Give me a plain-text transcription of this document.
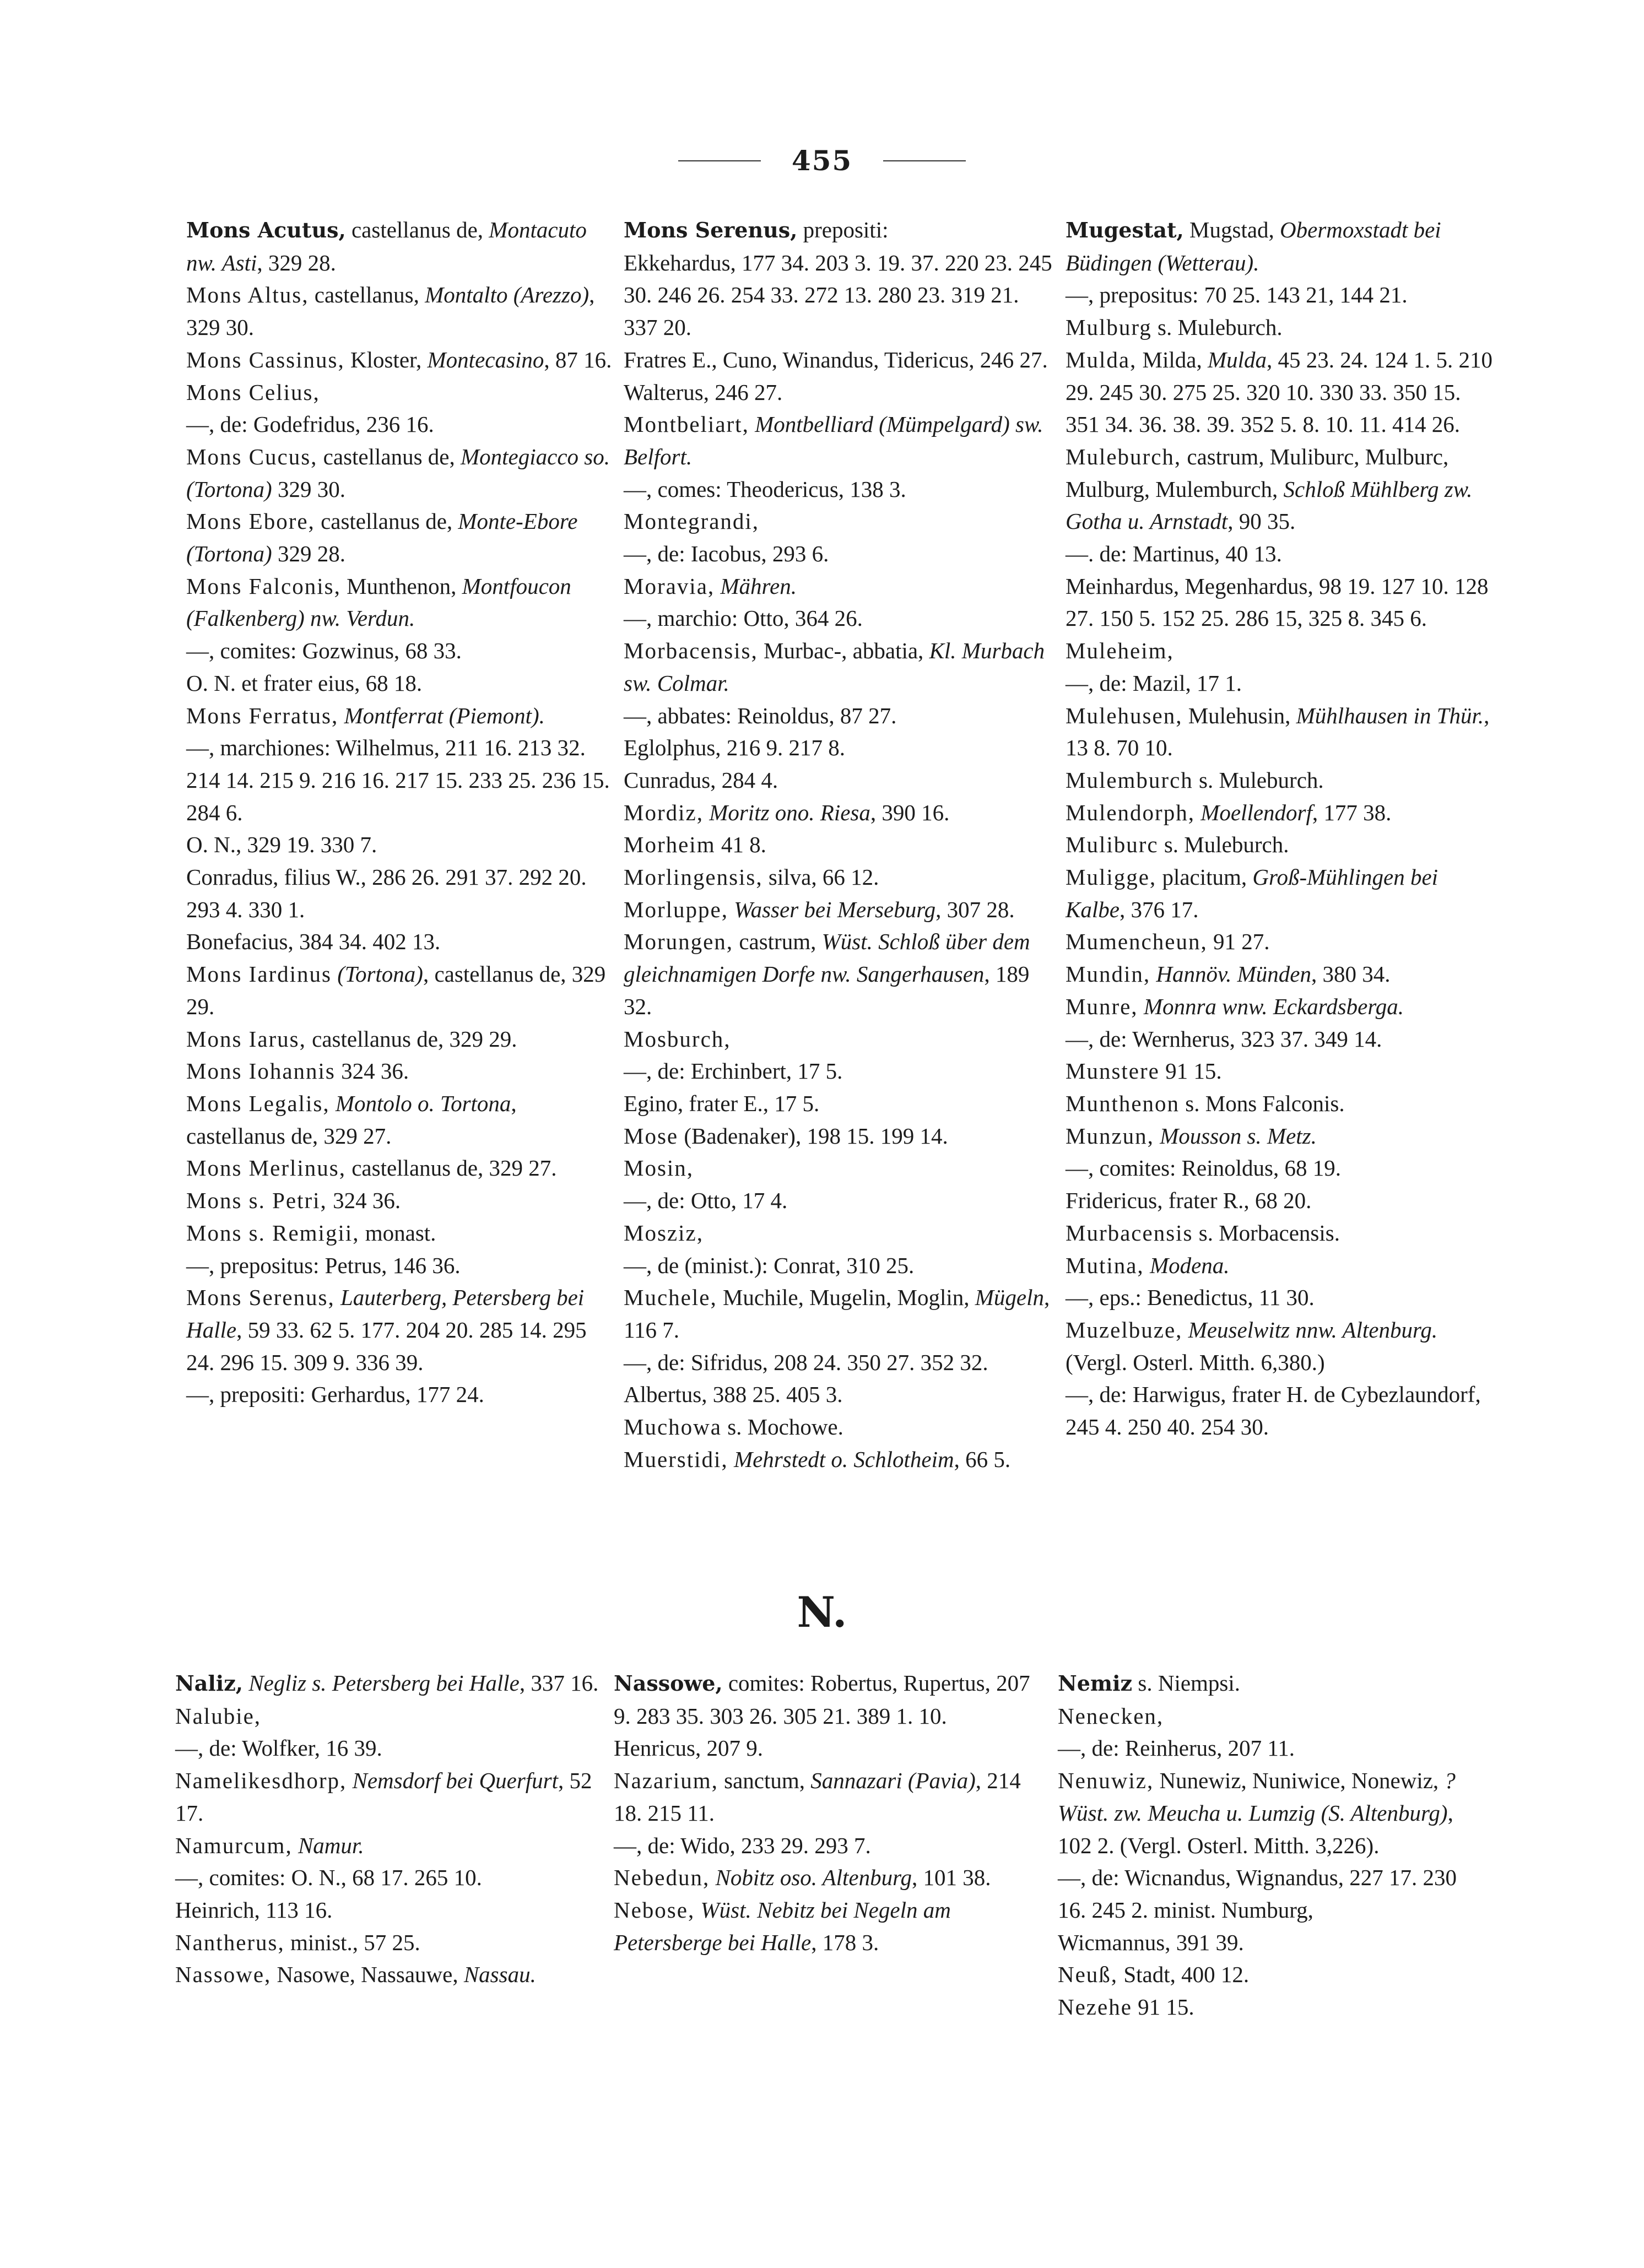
455

Mons Acutus, castellanus de, Montacuto nw. Asti, 329 28.

Mons Altus, castellanus, Montalto (Arezzo), 329 30.

Mons Cassinus, Kloster, Montecasino, 87 16.

Mons Celius,

—, de: Godefridus, 236 16.

Mons Cucus, castellanus de, Montegiacco so. (Tortona) 329 30.

Mons Ebore, castellanus de, Monte-Ebore (Tortona) 329 28.

Mons Falconis, Munthenon, Montfoucon (Falkenberg) nw. Verdun.

—, comites: Gozwinus, 68 33.

O. N. et frater eius, 68 18.

Mons Ferratus, Montferrat (Piemont).

—, marchiones: Wilhelmus, 211 16. 213 32. 214 14. 215 9. 216 16. 217 15. 233 25. 236 15. 284 6.

O. N., 329 19. 330 7.

Conradus, filius W., 286 26. 291 37. 292 20. 293 4. 330 1.

Bonefacius, 384 34. 402 13.

Mons Iardinus (Tortona), castellanus de, 329 29.

Mons Iarus, castellanus de, 329 29.

Mons Iohannis 324 36.

Mons Legalis, Montolo o. Tortona, castellanus de, 329 27.

Mons Merlinus, castellanus de, 329 27.

Mons s. Petri, 324 36.

Mons s. Remigii, monast.

—, prepositus: Petrus, 146 36.

Mons Serenus, Lauterberg, Petersberg bei Halle, 59 33. 62 5. 177. 204 20. 285 14. 295 24. 296 15. 309 9. 336 39.

—, prepositi: Gerhardus, 177 24.

Mons Serenus, prepositi:

Ekkehardus, 177 34. 203 3. 19. 37. 220 23. 245 30. 246 26. 254 33. 272 13. 280 23. 319 21. 337 20.

Fratres E., Cuno, Winandus, Tidericus, 246 27.

Walterus, 246 27.

Montbeliart, Montbelliard (Mümpelgard) sw. Belfort.

—, comes: Theodericus, 138 3.

Montegrandi,

—, de: Iacobus, 293 6.

Moravia, Mähren.

—, marchio: Otto, 364 26.

Morbacensis, Murbac-, abbatia, Kl. Murbach sw. Colmar.

—, abbates: Reinoldus, 87 27.

Eglolphus, 216 9. 217 8.

Cunradus, 284 4.

Mordiz, Moritz ono. Riesa, 390 16.

Morheim 41 8.

Morlingensis, silva, 66 12.

Morluppe, Wasser bei Merseburg, 307 28.

Morungen, castrum, Wüst. Schloß über dem gleichnamigen Dorfe nw. Sangerhausen, 189 32.

Mosburch,

—, de: Erchinbert, 17 5.

Egino, frater E., 17 5.

Mose (Badenaker), 198 15. 199 14.

Mosin,

—, de: Otto, 17 4.

Mosziz,

—, de (minist.): Conrat, 310 25.

Muchele, Muchile, Mugelin, Moglin, Mügeln, 116 7.

—, de: Sifridus, 208 24. 350 27. 352 32.

Albertus, 388 25. 405 3.

Muchowa s. Mochowe.

Muerstidi, Mehrstedt o. Schlotheim, 66 5.

Mugestat, Mugstad, Obermoxstadt bei Büdingen (Wetterau).

—, prepositus: 70 25. 143 21, 144 21.

Mulburg s. Muleburch.

Mulda, Milda, Mulda, 45 23. 24. 124 1. 5. 210 29. 245 30. 275 25. 320 10. 330 33. 350 15. 351 34. 36. 38. 39. 352 5. 8. 10. 11. 414 26.

Muleburch, castrum, Muliburc, Mulburc, Mulburg, Mulemburch, Schloß Mühlberg zw. Gotha u. Arnstadt, 90 35.

—. de: Martinus, 40 13.

Meinhardus, Megenhardus, 98 19. 127 10. 128 27. 150 5. 152 25. 286 15, 325 8. 345 6.

Muleheim,

—, de: Mazil, 17 1.

Mulehusen, Mulehusin, Mühlhausen in Thür., 13 8. 70 10.

Mulemburch s. Muleburch.

Mulendorph, Moellendorf, 177 38.

Muliburc s. Muleburch.

Muligge, placitum, Groß-Mühlingen bei Kalbe, 376 17.

Mumencheun, 91 27.

Mundin, Hannöv. Münden, 380 34.

Munre, Monnra wnw. Eckardsberga.

—, de: Wernherus, 323 37. 349 14.

Munstere 91 15.

Munthenon s. Mons Falconis.

Munzun, Mousson s. Metz.

—, comites: Reinoldus, 68 19.

Fridericus, frater R., 68 20.

Murbacensis s. Morbacensis.

Mutina, Modena.

—, eps.: Benedictus, 11 30.

Muzelbuze, Meuselwitz nnw. Altenburg. (Vergl. Osterl. Mitth. 6,380.)

—, de: Harwigus, frater H. de Cybezlaundorf, 245 4. 250 40. 254 30.

N.

Naliz, Negliz s. Petersberg bei Halle, 337 16.

Nalubie,

—, de: Wolfker, 16 39.

Namelikesdhorp, Nemsdorf bei Querfurt, 52 17.

Namurcum, Namur.

—, comites: O. N., 68 17. 265 10.

Heinrich, 113 16.

Nantherus, minist., 57 25.

Nassowe, Nasowe, Nassauwe, Nassau.

Nassowe, comites: Robertus, Rupertus, 207 9. 283 35. 303 26. 305 21. 389 1. 10.

Henricus, 207 9.

Nazarium, sanctum, Sannazari (Pavia), 214 18. 215 11.

—, de: Wido, 233 29. 293 7.

Nebedun, Nobitz oso. Altenburg, 101 38.

Nebose, Wüst. Nebitz bei Negeln am Petersberge bei Halle, 178 3.

Nemiz s. Niempsi.

Nenecken,

—, de: Reinherus, 207 11.

Nenuwiz, Nunewiz, Nuniwice, Nonewiz, ? Wüst. zw. Meucha u. Lumzig (S. Altenburg), 102 2. (Vergl. Osterl. Mitth. 3,226).

—, de: Wicnandus, Wignandus, 227 17. 230 16. 245 2. minist. Numburg,

Wicmannus, 391 39.

Neuß, Stadt, 400 12.

Nezehe 91 15.
